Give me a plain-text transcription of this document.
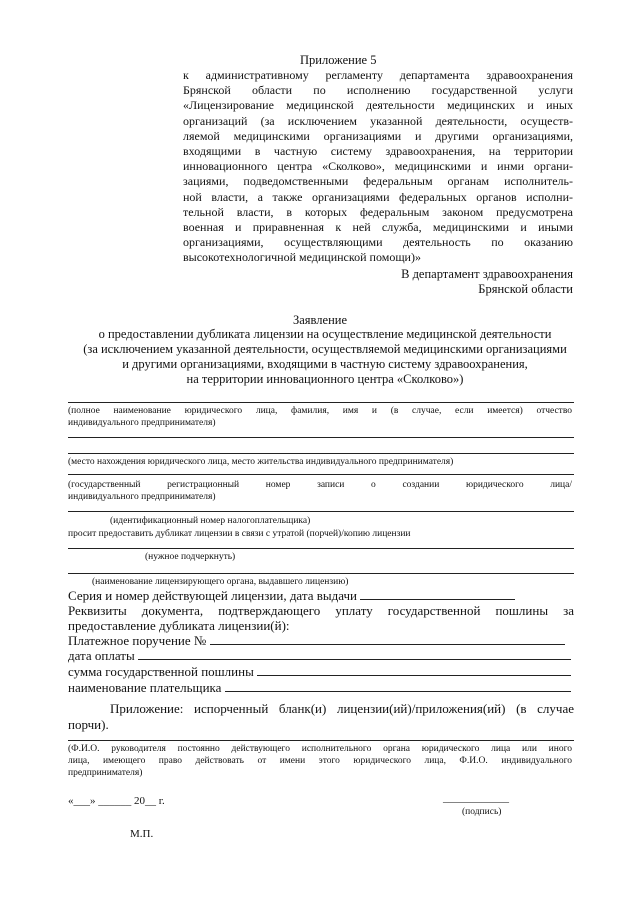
Приложение 5
к административному регламенту департамента здравоохранения
Брянской области по исполнению государственной услуги
«Лицензирование медицинской деятельности медицинских и иных
организаций (за исключением указанной деятельности, осуществ-
ляемой медицинскими организациями и другими организациями,
входящими в частную систему здравоохранения, на территории
инновационного центра «Сколково», медицинскими и инми органи-
зациями, подведомственными федеральным органам исполнитель-
ной власти, а также организациями федеральных органов исполни-
тельной власти, в которых федеральным законом предусмотрена
военная и приравненная к ней служба, медицинскими и иными
организациями, осуществляющими деятельность по оказанию
высокотехнологичной медицинской помощи)»
В департамент здравоохранения
Брянской области
Заявление
о предоставлении дубликата лицензии на осуществление медицинской деятельности
(за исключением указанной деятельности, осуществляемой медицинскими организациями
и другими организациями, входящими в частную систему здравоохранения,
на территории инновационного центра «Сколково»)
(полное наименование юридического лица, фамилия, имя и (в случае, если имеется) отчество
индивидуального предпринимателя)
(место нахождения юридического лица, место жительства индивидуального предпринимателя)
(государственный регистрационный номер записи о создании юридического лица/
индивидуального предпринимателя)
(идентификационный номер налогоплательщика)
просит предоставить дубликат лицензии в связи с утратой (порчей)/копию лицензии
(нужное подчеркнуть)
(наименование лицензирующего органа, выдавшего лицензию)
Серия и номер действующей лицензии, дата выдачи
Реквизиты документа, подтверждающего уплату государственной пошлины за
предоставление дубликата лицензии(й):
Платежное поручение №
дата оплаты
сумма государственной пошлины
наименование плательщика
Приложение: испорченный бланк(и) лицензии(ий)/приложения(ий) (в случае
порчи).
(Ф.И.О. руководителя постоянно действующего исполнительного органа юридического лица или иного
лица, имеющего право действовать от имени этого юридического лица, Ф.И.О. индивидуального
предпринимателя)
«___» ______ 20__ г.	____________
(подпись)
М.П.
